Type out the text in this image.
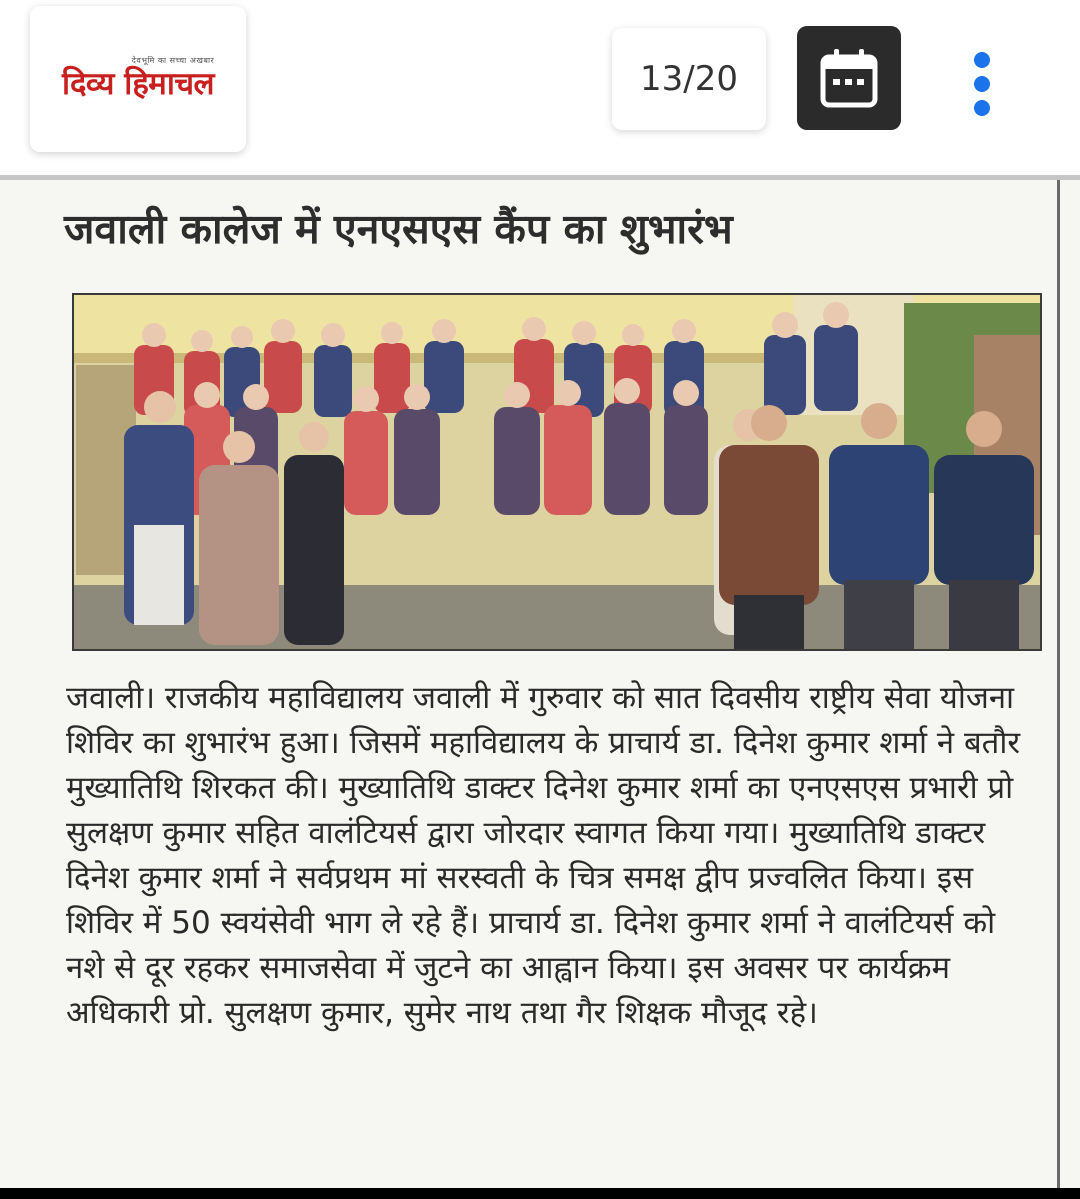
देवभूमि का सच्चा अखबार
दिव्य हिमाचल	13/20
जवाली कालेज में एनएसएस कैंप का शुभारंभ
जवाली। राजकीय महाविद्यालय जवाली में गुरुवार को सात दिवसीय राष्ट्रीय सेवा योजना शिविर का शुभारंभ हुआ। जिसमें महाविद्यालय के प्राचार्य डा. दिनेश कुमार शर्मा ने बतौर मुख्यातिथि शिरकत की। मुख्यातिथि डाक्टर दिनेश कुमार शर्मा का एनएसएस प्रभारी प्रो सुलक्षण कुमार सहित वालंटियर्स द्वारा जोरदार स्वागत किया गया। मुख्यातिथि डाक्टर दिनेश कुमार शर्मा ने सर्वप्रथम मां सरस्वती के चित्र समक्ष द्वीप प्रज्वलित किया। इस शिविर में 50 स्वयंसेवी भाग ले रहे हैं। प्राचार्य डा. दिनेश कुमार शर्मा ने वालंटियर्स को नशे से दूर रहकर समाजसेवा में जुटने का आह्वान किया। इस अवसर पर कार्यक्रम अधिकारी प्रो. सुलक्षण कुमार, सुमेर नाथ तथा गैर शिक्षक मौजूद रहे।
